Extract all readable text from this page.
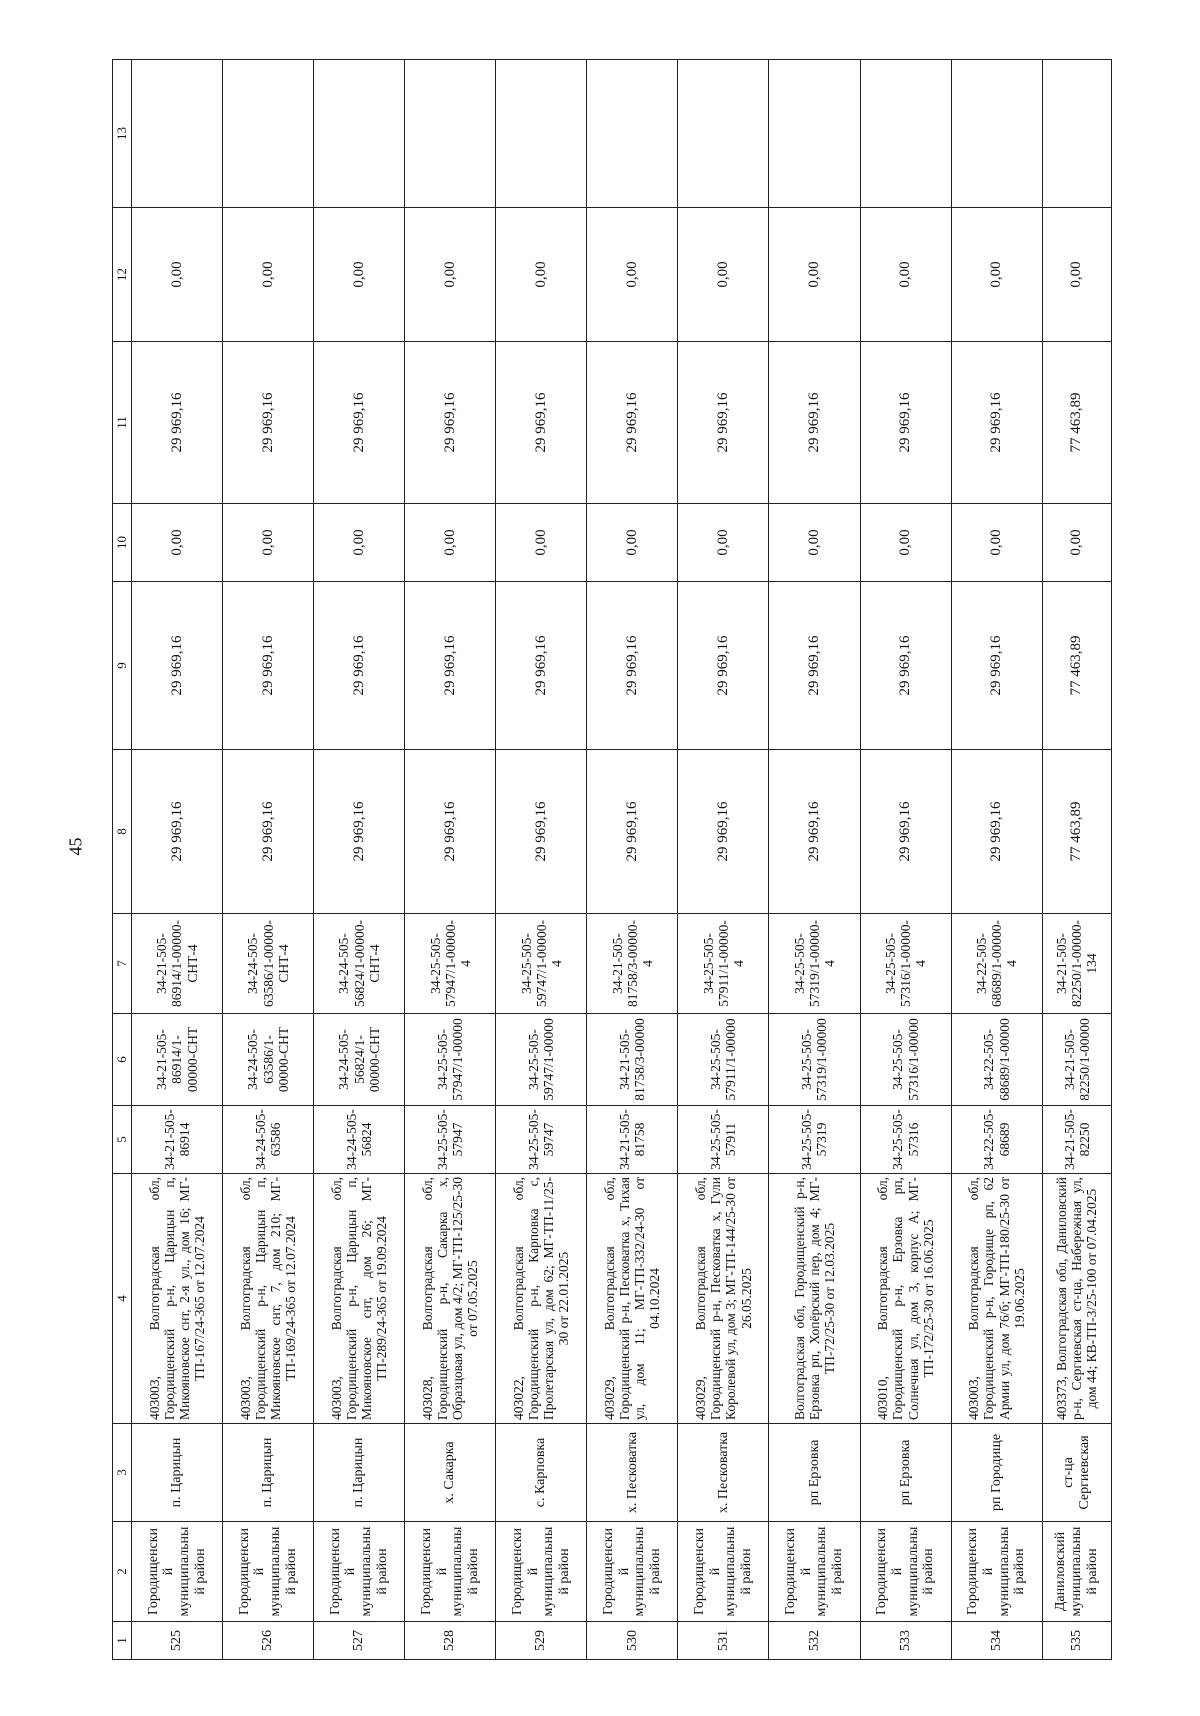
45
1	2	3	4	5	6	7	8	9	10	11	12	13
525	Городищенский муниципальный район	п. Царицын	403003, Волгоградская обл, Городищенский р-н, Царицын п, Микояновское снт, 2-я ул., дом 16; МГ-ТП-167/24-365 от 12.07.2024	34-21-505-86914	34-21-505-86914/1-00000-СНТ	34-21-505-86914/1-00000-СНТ-4	29 969,16	29 969,16	0,00	29 969,16	0,00	
526	Городищенский муниципальный район	п. Царицын	403003, Волгоградская обл, Городищенский р-н, Царицын п, Микояновское снт, 7, дом 210; МГ-ТП-169/24-365 от 12.07.2024	34-24-505-63586	34-24-505-63586/1-00000-СНТ	34-24-505-63586/1-00000-СНТ-4	29 969,16	29 969,16	0,00	29 969,16	0,00	
527	Городищенский муниципальный район	п. Царицын	403003, Волгоградская обл, Городищенский р-н, Царицын п, Микояновское снт, дом 26; МГ-ТП-289/24-365 от 19.09.2024	34-24-505-56824	34-24-505-56824/1-00000-СНТ	34-24-505-56824/1-00000-СНТ-4	29 969,16	29 969,16	0,00	29 969,16	0,00	
528	Городищенский муниципальный район	х. Сакарка	403028, Волгоградская обл, Городищенский р-н, Сакарка х, Образцовая ул, дом 4/2; МГ-ТП-125/25-30 от 07.05.2025	34-25-505-57947	34-25-505-57947/1-00000	34-25-505-57947/1-00000-4	29 969,16	29 969,16	0,00	29 969,16	0,00	
529	Городищенский муниципальный район	с. Карповка	403022, Волгоградская обл, Городищенский р-н, Карповка с, Пролетарская ул, дом 62; МГ-ТП-11/25-30 от 22.01.2025	34-25-505-59747	34-25-505-59747/1-00000	34-25-505-59747/1-00000-4	29 969,16	29 969,16	0,00	29 969,16	0,00	
530	Городищенский муниципальный район	х. Песковатка	403029, Волгоградская обл, Городищенский р-н, Песковатка х, Тихая ул, дом 11; МГ-ТП-332/24-30 от 04.10.2024	34-21-505-81758	34-21-505-81758/3-00000	34-21-505-81758/3-00000-4	29 969,16	29 969,16	0,00	29 969,16	0,00	
531	Городищенский муниципальный район	х. Песковатка	403029, Волгоградская обл, Городищенский р-н, Песковатка х, Гули Королевой ул, дом 3; МГ-ТП-144/25-30 от 26.05.2025	34-25-505-57911	34-25-505-57911/1-00000	34-25-505-57911/1-00000-4	29 969,16	29 969,16	0,00	29 969,16	0,00	
532	Городищенский муниципальный район	рп Ерзовка	Волгоградская обл, Городищенский р-н, Ерзовка рп, Хопёрский пер, дом 4; МГ-ТП-72/25-30 от 12.03.2025	34-25-505-57319	34-25-505-57319/1-00000	34-25-505-57319/1-00000-4	29 969,16	29 969,16	0,00	29 969,16	0,00	
533	Городищенский муниципальный район	рп Ерзовка	403010, Волгоградская обл, Городищенский р-н, Ерзовка рп, Солнечная ул, дом 3, корпус А; МГ-ТП-172/25-30 от 16.06.2025	34-25-505-57316	34-25-505-57316/1-00000	34-25-505-57316/1-00000-4	29 969,16	29 969,16	0,00	29 969,16	0,00	
534	Городищенский муниципальный район	рп Городище	403003, Волгоградская обл, Городищенский р-н, Городище рп, 62 Армии ул, дом 76/б; МГ-ТП-180/25-30 от 19.06.2025	34-22-505-68689	34-22-505-68689/1-00000	34-22-505-68689/1-00000-4	29 969,16	29 969,16	0,00	29 969,16	0,00	
535	Даниловский муниципальный район	ст-ца Сергиевская	403373, Волгоградская обл, Даниловский р-н, Сергиевская ст-ца, Набережная ул, дом 44; КВ-ТП-3/25-100 от 07.04.2025	34-21-505-82250	34-21-505-82250/1-00000	34-21-505-82250/1-00000-134	77 463,89	77 463,89	0,00	77 463,89	0,00	
